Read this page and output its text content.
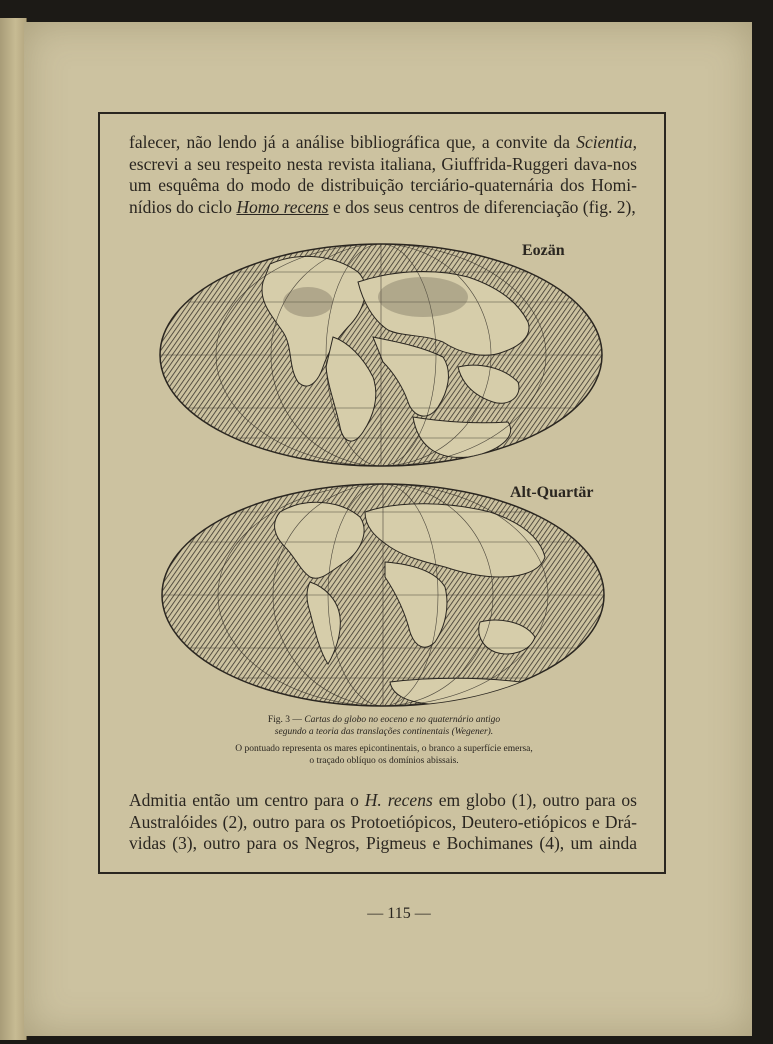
falecer, não lendo já a análise bibliográfica que, a convite da Scientia,
escrevi a seu respeito nesta revista italiana, Giuffrida-Ruggeri dava-nos
um esquêma do modo de distribuição terciário-quaternária dos Homi-
nídios do ciclo Homo recens e dos seus centros de diferenciação (fig. 2),
Eozän
Alt-Quartär
Fig. 3 — Cartas do globo no eoceno e no quaternário antigo
segundo a teoria das translações continentais (Wegener).
O pontuado representa os mares epicontinentais, o branco a superfície emersa,
o traçado oblíquo os domínios abissais.
Admitia então um centro para o H. recens em globo (1), outro para os
Australóides (2), outro para os Protoetiópicos, Deutero-etiópicos e Drá-
vidas (3), outro para os Negros, Pigmeus e Bochimanes (4), um ainda
— 115 —
